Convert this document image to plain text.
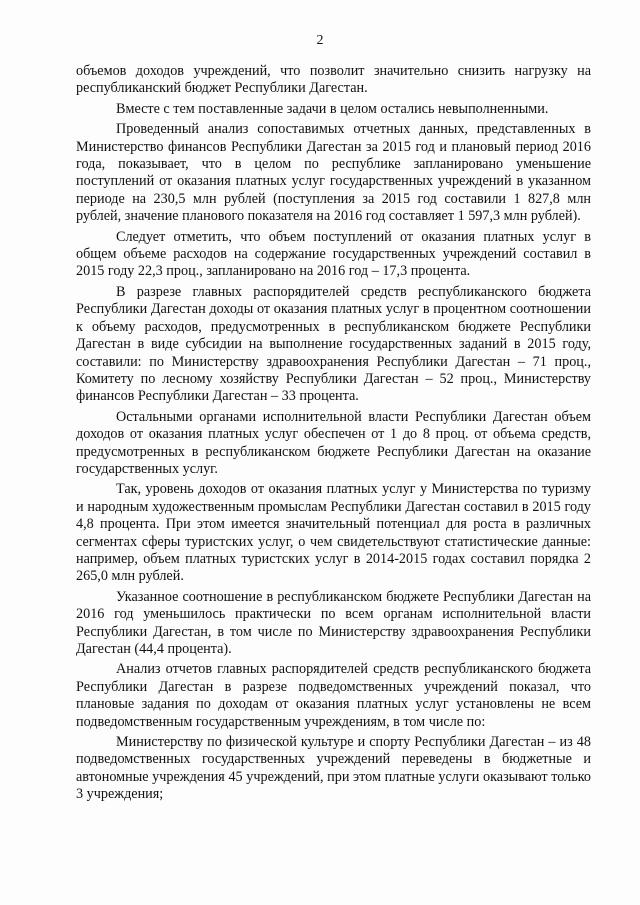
2

объемов доходов учреждений, что позволит значительно снизить нагрузку на республиканский бюджет Республики Дагестан.

Вместе с тем поставленные задачи в целом остались невыполненными.

Проведенный анализ сопоставимых отчетных данных, представленных в Министерство финансов Республики Дагестан за 2015 год и плановый период 2016 года, показывает, что в целом по республике запланировано уменьшение поступлений от оказания платных услуг государственных учреждений в указанном периоде на 230,5 млн рублей (поступления за 2015 год составили 1 827,8 млн рублей, значение планового показателя на 2016 год составляет 1 597,3 млн рублей).

Следует отметить, что объем поступлений от оказания платных услуг в общем объеме расходов на содержание государственных учреждений составил в 2015 году 22,3 проц., запланировано на 2016 год – 17,3 процента.

В разрезе главных распорядителей средств республиканского бюджета Республики Дагестан доходы от оказания платных услуг в процентном соотношении к объему расходов, предусмотренных в республиканском бюджете Республики Дагестан в виде субсидии на выполнение государственных заданий в 2015 году, составили: по Министерству здравоохранения Республики Дагестан – 71 проц., Комитету по лесному хозяйству Республики Дагестан – 52 проц., Министерству финансов Республики Дагестан – 33 процента.

Остальными органами исполнительной власти Республики Дагестан объем доходов от оказания платных услуг обеспечен от 1 до 8 проц. от объема средств, предусмотренных в республиканском бюджете Республики Дагестан на оказание государственных услуг.

Так, уровень доходов от оказания платных услуг у Министерства по туризму и народным художественным промыслам Республики Дагестан составил в 2015 году 4,8 процента. При этом имеется значительный потенциал для роста в различных сегментах сферы туристских услуг, о чем свидетельствуют статистические данные: например, объем платных туристских услуг в 2014-2015 годах составил порядка 2 265,0 млн рублей.

Указанное соотношение в республиканском бюджете Республики Дагестан на 2016 год уменьшилось практически по всем органам исполнительной власти Республики Дагестан, в том числе по Министерству здравоохранения Республики Дагестан (44,4 процента).

Анализ отчетов главных распорядителей средств республиканского бюджета Республики Дагестан в разрезе подведомственных учреждений показал, что плановые задания по доходам от оказания платных услуг установлены не всем подведомственным государственным учреждениям, в том числе по:

Министерству по физической культуре и спорту Республики Дагестан – из 48 подведомственных государственных учреждений переведены в бюджетные и автономные учреждения 45 учреждений, при этом платные услуги оказывают только 3 учреждения;
